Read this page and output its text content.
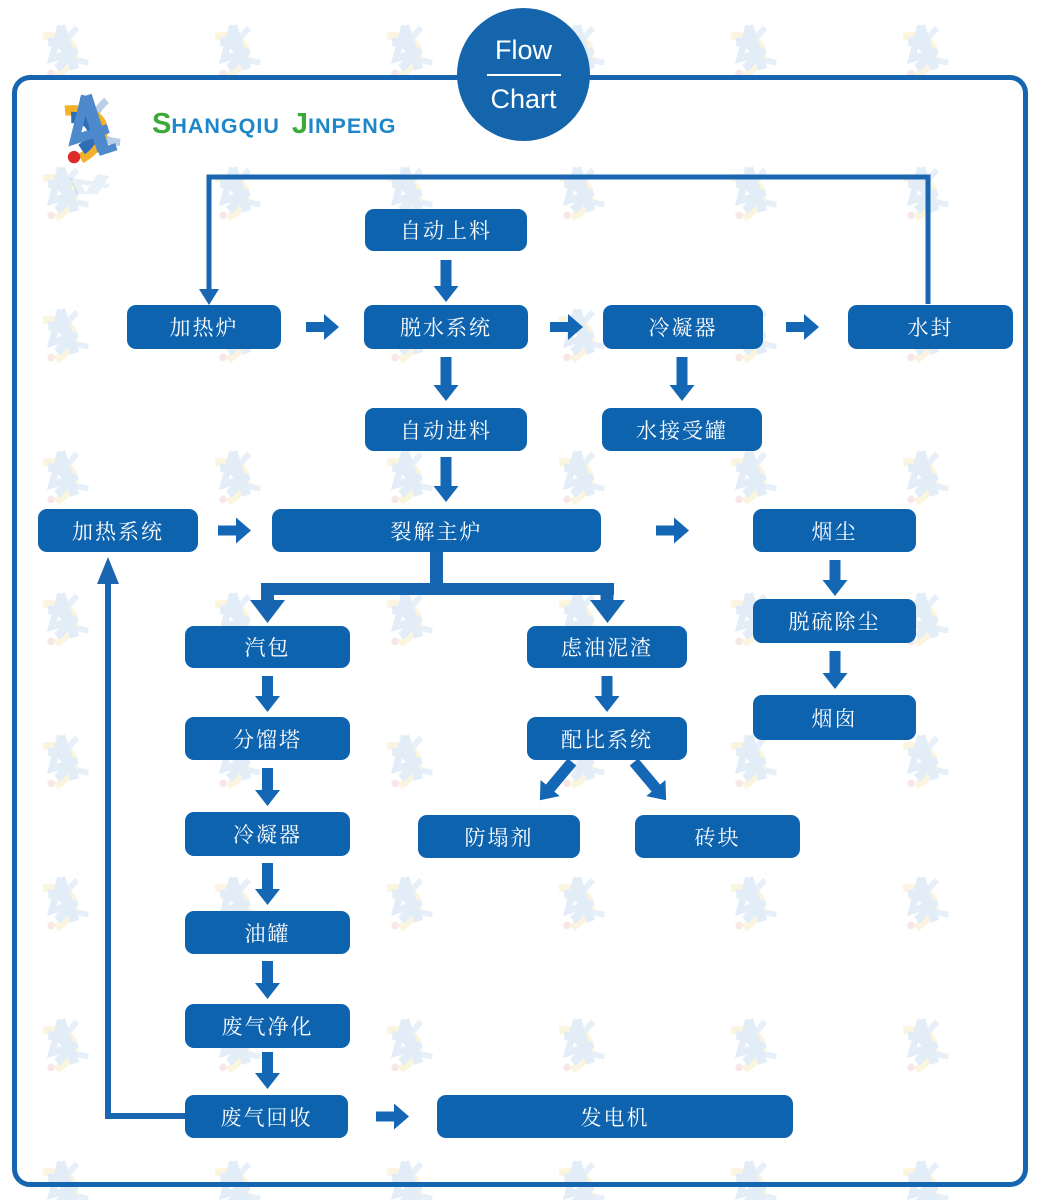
SHANGQIU JINPENG
Flow
Chart
自动上料
加热炉	脱水系统	冷凝器	水封
自动进料	水接受罐
加热系统	裂解主炉	烟尘
汽包	虑油泥渣
脱硫除尘
分馏塔	配比系统
烟囱
冷凝器	防塌剂	砖块
油罐
废气净化
废气回收	发电机
